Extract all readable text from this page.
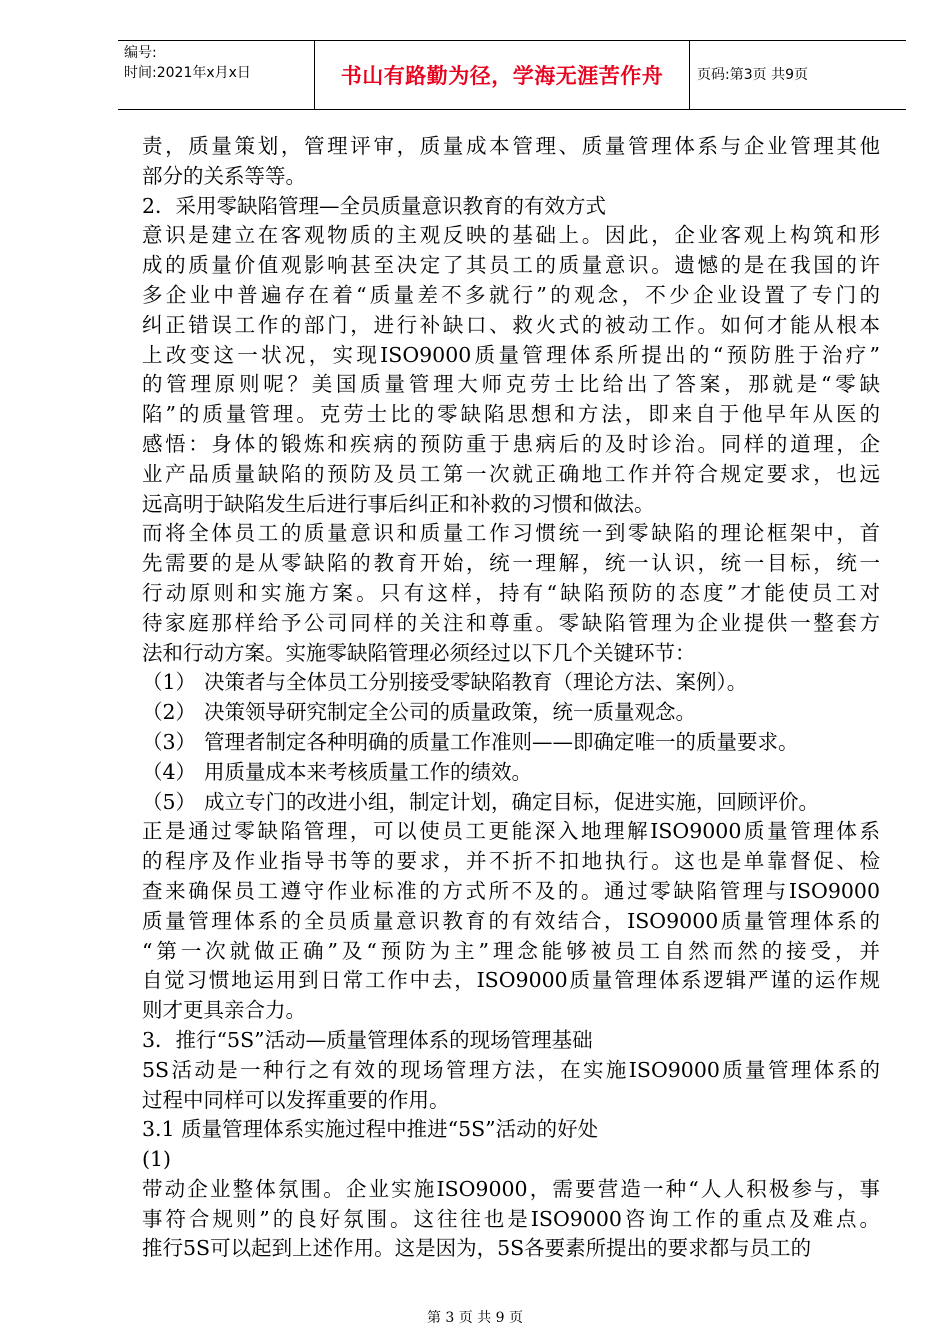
编号:
时间:2021年x月x日	书山有路勤为径，学海无涯苦作舟 页码:第3页 共9页
责，质量策划，管理评审，质量成本管理、质量管理体系与企业管理其他
部分的关系等等。
2．采用零缺陷管理—全员质量意识教育的有效方式
意识是建立在客观物质的主观反映的基础上。因此，企业客观上构筑和形
成的质量价值观影响甚至决定了其员工的质量意识。遗憾的是在我国的许
多企业中普遍存在着“质量差不多就行”的观念，不少企业设置了专门的
纠正错误工作的部门，进行补缺口、救火式的被动工作。如何才能从根本
上改变这一状况，实现ISO9000质量管理体系所提出的“预防胜于治疗”
的管理原则呢？美国质量管理大师克劳士比给出了答案，那就是“零缺
陷”的质量管理。克劳士比的零缺陷思想和方法，即来自于他早年从医的
感悟：身体的锻炼和疾病的预防重于患病后的及时诊治。同样的道理，企
业产品质量缺陷的预防及员工第一次就正确地工作并符合规定要求，也远
远高明于缺陷发生后进行事后纠正和补救的习惯和做法。
而将全体员工的质量意识和质量工作习惯统一到零缺陷的理论框架中，首
先需要的是从零缺陷的教育开始，统一理解，统一认识，统一目标，统一
行动原则和实施方案。只有这样，持有“缺陷预防的态度”才能使员工对
待家庭那样给予公司同样的关注和尊重。零缺陷管理为企业提供一整套方
法和行动方案。实施零缺陷管理必须经过以下几个关键环节：
（1） 决策者与全体员工分别接受零缺陷教育（理论方法、案例）。
（2） 决策领导研究制定全公司的质量政策，统一质量观念。
（3） 管理者制定各种明确的质量工作准则——即确定唯一的质量要求。
（4） 用质量成本来考核质量工作的绩效。
（5） 成立专门的改进小组，制定计划，确定目标，促进实施，回顾评价。
正是通过零缺陷管理，可以使员工更能深入地理解ISO9000质量管理体系
的程序及作业指导书等的要求，并不折不扣地执行。这也是单靠督促、检
查来确保员工遵守作业标准的方式所不及的。通过零缺陷管理与ISO9000
质量管理体系的全员质量意识教育的有效结合，ISO9000质量管理体系的
“第一次就做正确”及“预防为主”理念能够被员工自然而然的接受，并
自觉习惯地运用到日常工作中去，ISO9000质量管理体系逻辑严谨的运作规
则才更具亲合力。
3．推行“5S”活动—质量管理体系的现场管理基础
5S活动是一种行之有效的现场管理方法，在实施ISO9000质量管理体系的
过程中同样可以发挥重要的作用。
3.1 质量管理体系实施过程中推进“5S”活动的好处
(1)
带动企业整体氛围。企业实施ISO9000，需要营造一种“人人积极参与，事
事符合规则”的良好氛围。这往往也是ISO9000咨询工作的重点及难点。
推行5S可以起到上述作用。这是因为，5S各要素所提出的要求都与员工的
第 3 页 共 9 页
